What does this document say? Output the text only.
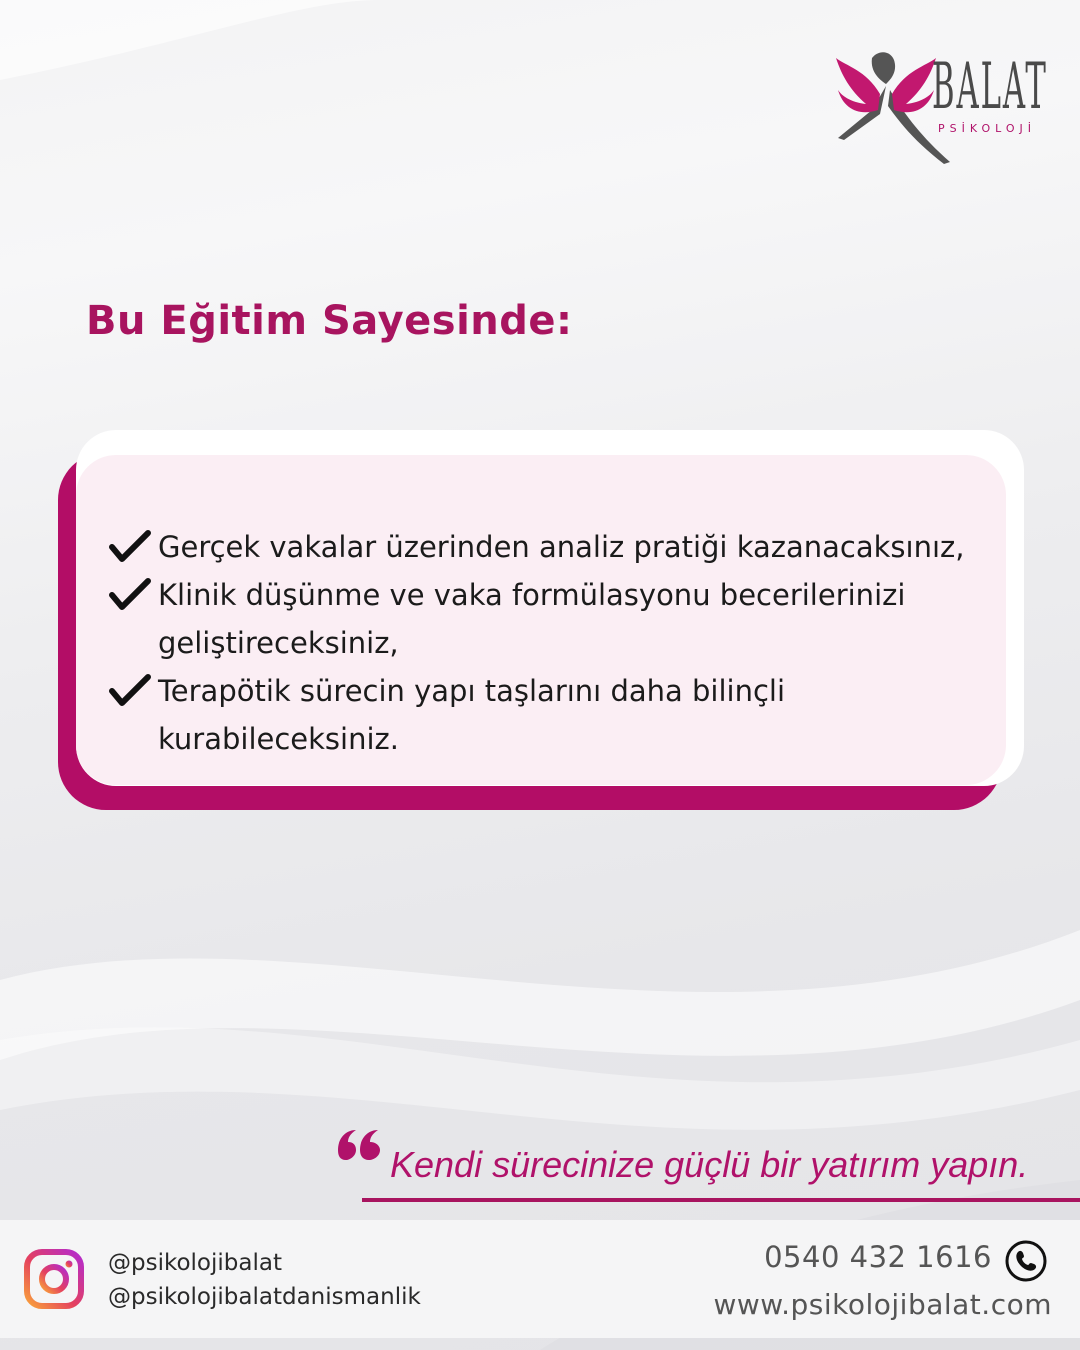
BALAT
PSİKOLOJİ
Bu Eğitim Sayesinde:
Gerçek vakalar üzerinden analiz pratiği kazanacaksınız,
Klinik düşünme ve vaka formülasyonu becerilerinizi geliştireceksiniz,
Terapötik sürecin yapı taşlarını daha bilinçli kurabileceksiniz.
Kendi sürecinize güçlü bir yatırım yapın.
@psikolojibalat
@psikolojibalatdanismanlik
0540 432 1616
www.psikolojibalat.com
